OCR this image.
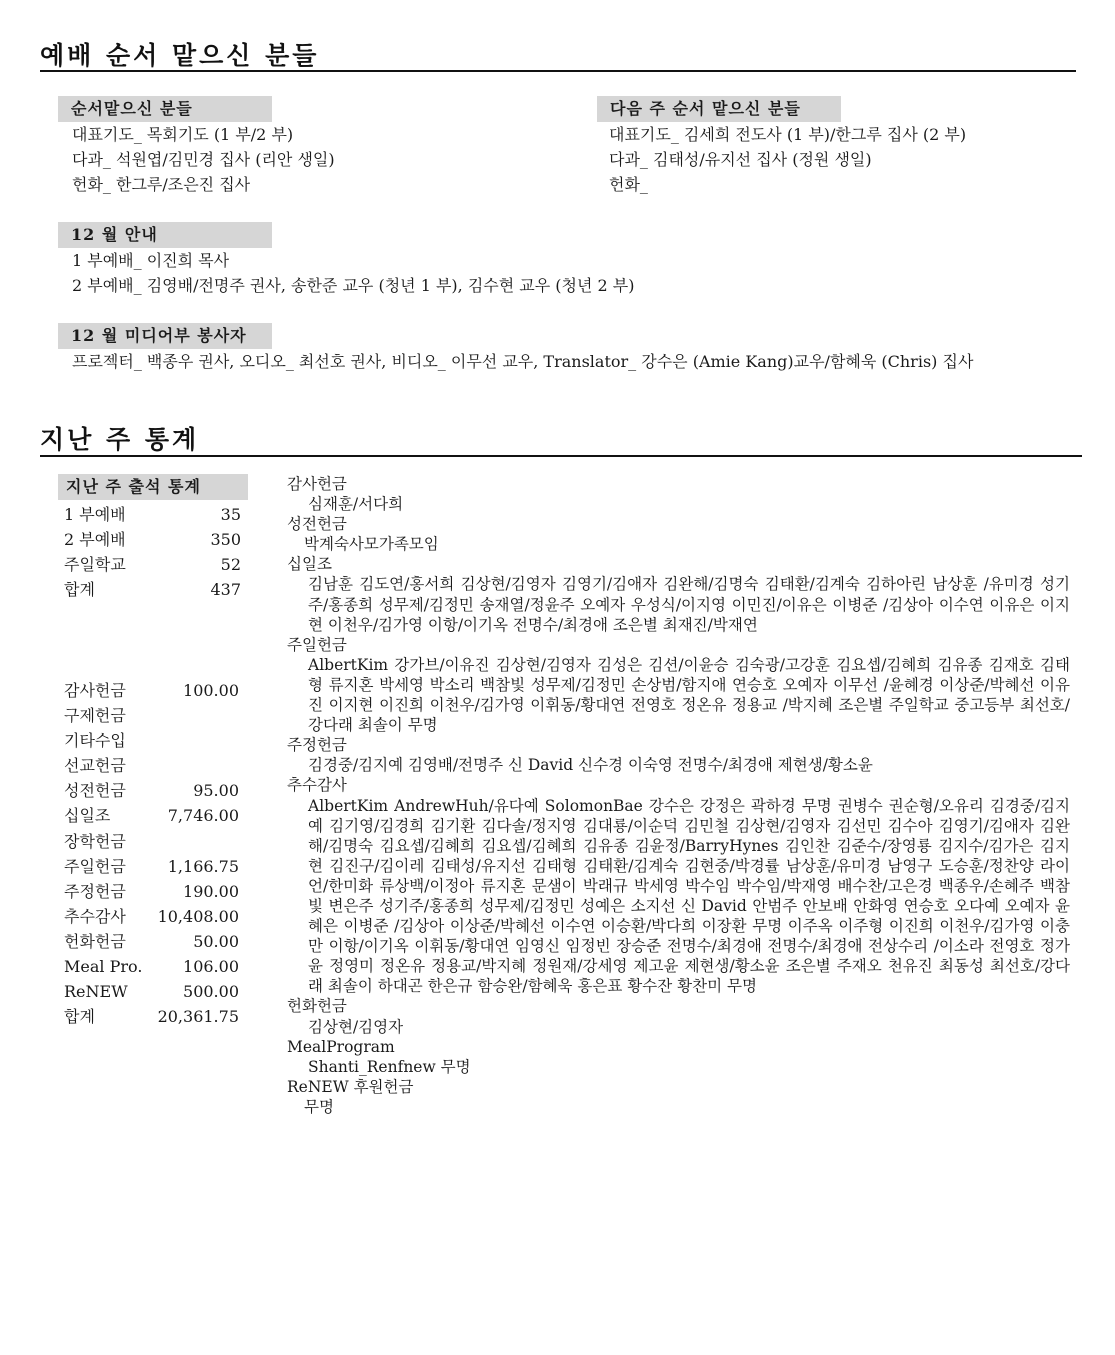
예배 순서 맡으신 분들
순서맡으신 분들
대표기도_ 목회기도 (1 부/2 부)
다과_ 석원엽/김민경 집사 (리안 생일)
헌화_ 한그루/조은진 집사
다음 주 순서 맡으신 분들
대표기도_ 김세희 전도사 (1 부)/한그루 집사 (2 부)
다과_ 김태성/유지선 집사 (정원 생일)
헌화_
12 월 안내
1 부예배_ 이진희 목사
2 부예배_ 김영배/전명주 권사, 송한준 교우 (청년 1 부), 김수현 교우 (청년 2 부)
12 월 미디어부 봉사자
프로젝터_ 백종우 권사, 오디오_ 최선호 권사, 비디오_ 이무선 교우, Translator_ 강수은 (Amie Kang)교우/함혜욱 (Chris) 집사
지난 주 통계
지난 주 출석 통계
1 부예배	35
2 부예배	350
주일학교	52
합계	437
감사헌금	100.00
구제헌금
기타수입
선교헌금
성전헌금	95.00
십일조	7,746.00
장학헌금
주일헌금	1,166.75
주정헌금	190.00
추수감사 10,408.00
헌화헌금	50.00
Meal Pro.	106.00
ReNEW	500.00
합계	20,361.75
감사헌금
심재훈/서다희
성전헌금
박계숙사모가족모임
십일조
김남훈 김도연/홍서희 김상현/김영자 김영기/김애자 김완해/김명숙 김태환/김계숙 김하아린 남상훈 /유미경 성기주/홍종희 성무제/김정민 송재열/정윤주 오예자 우성식/이지영 이민진/이유은 이병준 /김상아 이수연 이유은 이지현 이천우/김가영 이항/이기옥 전명수/최경애 조은별 최재진/박재연
주일헌금
AlbertKim 강가브/이유진 김상현/김영자 김성은 김션/이윤승 김숙광/고강훈 김요셉/김혜희 김유종 김재호 김태형 류지혼 박세영 박소리 백참빛 성무제/김정민 손상범/함지애 연승호 오예자 이무선 /윤혜경 이상준/박혜선 이유진 이지현 이진희 이천우/김가영 이휘동/황대연 전영호 정온유 정용교 /박지혜 조은별 주일학교 중고등부 최선호/강다래 최솔이 무명
주정헌금
김경중/김지예 김영배/전명주 신 David 신수경 이숙영 전명수/최경애 제현생/황소윤
추수감사
AlbertKim AndrewHuh/유다예 SolomonBae 강수은 강정은 곽하경 무명 권병수 권순형/오유리 김경중/김지예 김기영/김경희 김기환 김다솔/정지영 김대룡/이순덕 김민철 김상현/김영자 김선민 김수아 김영기/김애자 김완해/김명숙 김요셉/김혜희 김요셉/김혜희 김유종 김윤정/BarryHynes 김인찬 김준수/장영룡 김지수/김가은 김지현 김진구/김이레 김태성/유지선 김태형 김태환/김계숙 김현중/박경률 남상훈/유미경 남영구 도승훈/정찬양 라이언/한미화 류상백/이정아 류지혼 문샘이 박래규 박세영 박수임 박수임/박재영 배수찬/고은경 백종우/손혜주 백참빛 변은주 성기주/홍종희 성무제/김정민 성예은 소지선 신 David 안범주 안보배 안화영 연승호 오다예 오예자 윤혜은 이병준 /김상아 이상준/박혜선 이수연 이승환/박다희 이장환 무명 이주옥 이주형 이진희 이천우/김가영 이충만 이항/이기옥 이휘동/황대연 임영신 임정빈 장승준 전명수/최경애 전명수/최경애 전상수리 /이소라 전영호 정가윤 정영미 정온유 정용교/박지혜 정원재/강세영 제고윤 제현생/황소윤 조은별 주재오 천유진 최동성 최선호/강다래 최솔이 하대곤 한은규 함승완/함혜욱 홍은표 황수잔 황찬미 무명
헌화헌금
김상현/김영자
MealProgram
Shanti_Renfnew 무명
ReNEW 후원헌금
무명
